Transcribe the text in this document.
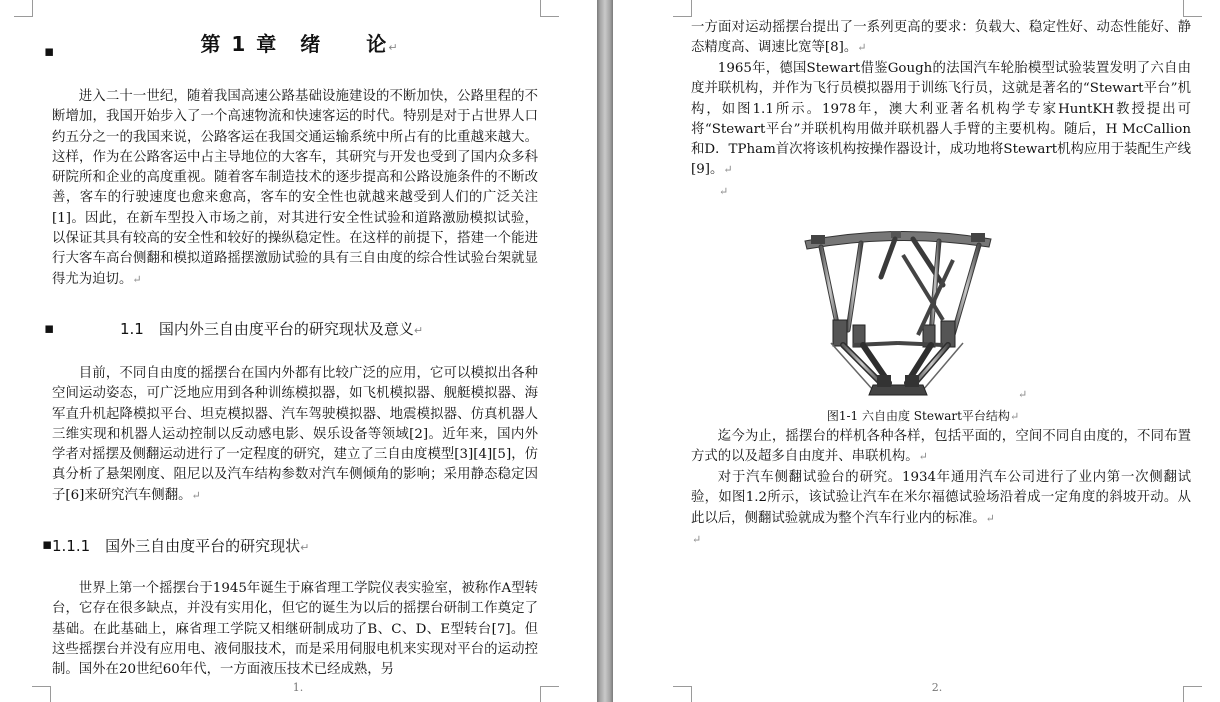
▪	第 1 章　绪　　论↵

进入二十一世纪，随着我国高速公路基础设施建设的不断加快，公路里程的不断增加，我国开始步入了一个高速物流和快速客运的时代。特别是对于占世界人口约五分之一的我国来说，公路客运在我国交通运输系统中所占有的比重越来越大。这样，作为在公路客运中占主导地位的大客车，其研究与开发也受到了国内众多科研院所和企业的高度重视。随着客车制造技术的逐步提高和公路设施条件的不断改善，客车的行驶速度也愈来愈高，客车的安全性也就越来越受到人们的广泛关注[1]。因此，在新车型投入市场之前，对其进行安全性试验和道路激励模拟试验，以保证其具有较高的安全性和较好的操纵稳定性。在这样的前提下，搭建一个能进行大客车高台侧翻和模拟道路摇摆激励试验的具有三自由度的综合性试验台架就显得尤为迫切。↵

▪	1.1　国内外三自由度平台的研究现状及意义↵

目前，不同自由度的摇摆台在国内外都有比较广泛的应用，它可以模拟出各种空间运动姿态，可广泛地应用到各种训练模拟器，如飞机模拟器、舰艇模拟器、海军直升机起降模拟平台、坦克模拟器、汽车驾驶模拟器、地震模拟器、仿真机器人三维实现和机器人运动控制以反动感电影、娱乐设备等领域[2]。近年来，国内外学者对摇摆及侧翻运动进行了一定程度的研究，建立了三自由度模型[3][4][5]，仿真分析了悬架刚度、阻尼以及汽车结构参数对汽车侧倾角的影响；采用静态稳定因子[6]来研究汽车侧翻。↵

▪ 1.1.1　国外三自由度平台的研究现状↵

世界上第一个摇摆台于1945年诞生于麻省理工学院仪表实验室，被称作A型转台，它存在很多缺点，并没有实用化，但它的诞生为以后的摇摆台研制工作奠定了基础。在此基础上，麻省理工学院又相继研制成功了B、C、D、E型转台[7]。但这些摇摆台并没有应用电、液伺服技术，而是采用伺服电机来实现对平台的运动控制。国外在20世纪60年代，一方面液压技术已经成熟，另

1.

一方面对运动摇摆台提出了一系列更高的要求：负载大、稳定性好、动态性能好、静态精度高、调速比宽等[8]。↵

1965年，德国Stewart借鉴Gough的法国汽车轮胎模型试验装置发明了六自由度并联机构，并作为飞行员模拟器用于训练飞行员，这就是著名的“Stewart平台”机构，如图1.1所示。1978年，澳大利亚著名机构学专家HuntKH教授提出可将“Stewart平台”并联机构用做并联机器人手臂的主要机构。随后，H McCallion和D．TPham首次将该机构按操作器设计，成功地将Stewart机构应用于装配生产线[9]。↵

↵
↵
图1-1 六自由度 Stewart平台结构↵

迄今为止，摇摆台的样机各种各样，包括平面的，空间不同自由度的，不同布置方式的以及超多自由度并、串联机构。↵

对于汽车侧翻试验台的研究。1934年通用汽车公司进行了业内第一次侧翻试验，如图1.2所示，该试验让汽车在米尔福德试验场沿着成一定角度的斜坡开动。从此以后，侧翻试验就成为整个汽车行业内的标准。↵

↵
2.
